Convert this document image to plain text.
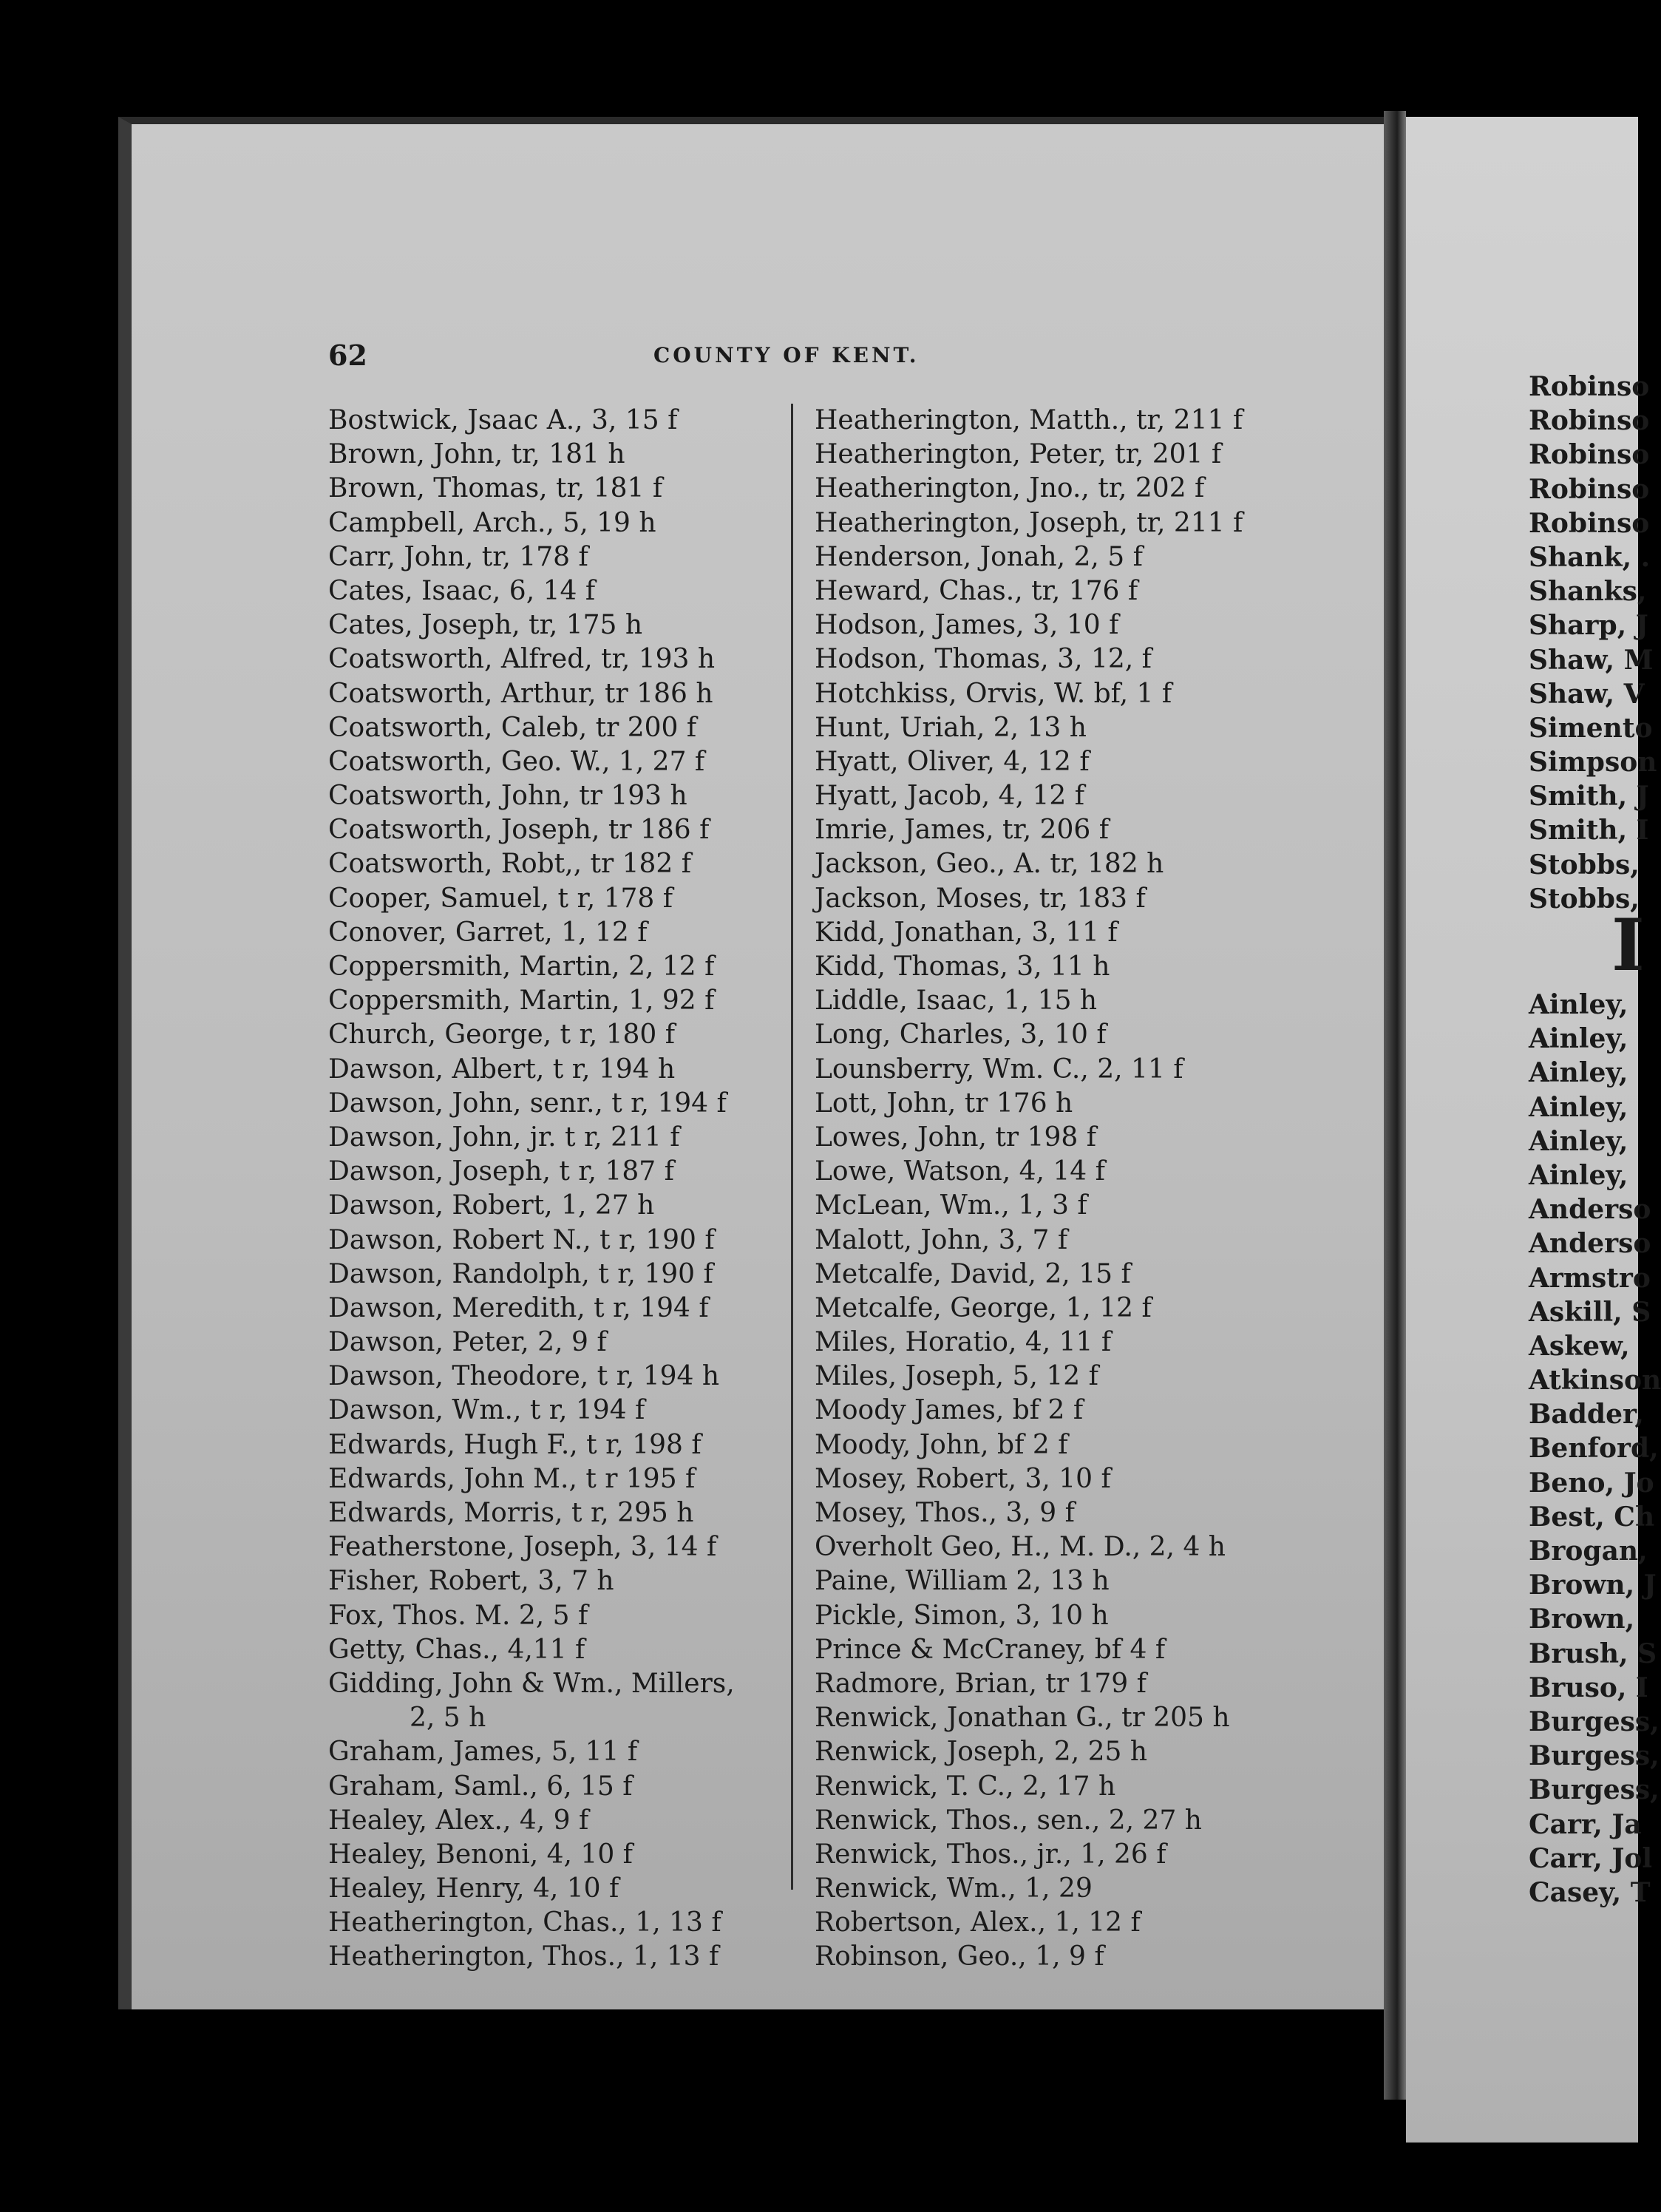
62	COUNTY OF KENT.
Bostwick, Jsaac A., 3, 15 f
Brown, John, tr, 181 h
Brown, Thomas, tr, 181 f
Campbell, Arch., 5, 19 h
Carr, John, tr, 178 f
Cates, Isaac, 6, 14 f
Cates, Joseph, tr, 175 h
Coatsworth, Alfred, tr, 193 h
Coatsworth, Arthur, tr 186 h
Coatsworth, Caleb, tr 200 f
Coatsworth, Geo. W., 1, 27 f
Coatsworth, John, tr 193 h
Coatsworth, Joseph, tr 186 f
Coatsworth, Robt,, tr 182 f
Cooper, Samuel, t r, 178 f
Conover, Garret, 1, 12 f
Coppersmith, Martin, 2, 12 f
Coppersmith, Martin, 1, 92 f
Church, George, t r, 180 f
Dawson, Albert, t r, 194 h
Dawson, John, senr., t r, 194 f
Dawson, John, jr. t r, 211 f
Dawson, Joseph, t r, 187 f
Dawson, Robert, 1, 27 h
Dawson, Robert N., t r, 190 f
Dawson, Randolph, t r, 190 f
Dawson, Meredith, t r, 194 f
Dawson, Peter, 2, 9 f
Dawson, Theodore, t r, 194 h
Dawson, Wm., t r, 194 f
Edwards, Hugh F., t r, 198 f
Edwards, John M., t r 195 f
Edwards, Morris, t r, 295 h
Featherstone, Joseph, 3, 14 f
Fisher, Robert, 3, 7 h
Fox, Thos. M. 2, 5 f
Getty, Chas., 4,11 f
Gidding, John & Wm., Millers,
2, 5 h
Graham, James, 5, 11 f
Graham, Saml., 6, 15 f
Healey, Alex., 4, 9 f
Healey, Benoni, 4, 10 f
Healey, Henry, 4, 10 f
Heatherington, Chas., 1, 13 f
Heatherington, Thos., 1, 13 f
Heatherington, Matth., tr, 211 f
Heatherington, Peter, tr, 201 f
Heatherington, Jno., tr, 202 f
Heatherington, Joseph, tr, 211 f
Henderson, Jonah, 2, 5 f
Heward, Chas., tr, 176 f
Hodson, James, 3, 10 f
Hodson, Thomas, 3, 12, f
Hotchkiss, Orvis, W. bf, 1 f
Hunt, Uriah, 2, 13 h
Hyatt, Oliver, 4, 12 f
Hyatt, Jacob, 4, 12 f
Imrie, James, tr, 206 f
Jackson, Geo., A. tr, 182 h
Jackson, Moses, tr, 183 f
Kidd, Jonathan, 3, 11 f
Kidd, Thomas, 3, 11 h
Liddle, Isaac, 1, 15 h
Long, Charles, 3, 10 f
Lounsberry, Wm. C., 2, 11 f
Lott, John, tr 176 h
Lowes, John, tr 198 f
Lowe, Watson, 4, 14 f
McLean, Wm., 1, 3 f
Malott, John, 3, 7 f
Metcalfe, David, 2, 15 f
Metcalfe, George, 1, 12 f
Miles, Horatio, 4, 11 f
Miles, Joseph, 5, 12 f
Moody James, bf 2 f
Moody, John, bf 2 f
Mosey, Robert, 3, 10 f
Mosey, Thos., 3, 9 f
Overholt Geo, H., M. D., 2, 4 h
Paine, William 2, 13 h
Pickle, Simon, 3, 10 h
Prince & McCraney, bf 4 f
Radmore, Brian, tr 179 f
Renwick, Jonathan G., tr 205 h
Renwick, Joseph, 2, 25 h
Renwick, T. C., 2, 17 h
Renwick, Thos., sen., 2, 27 h
Renwick, Thos., jr., 1, 26 f
Renwick, Wm., 1, 29
Robertson, Alex., 1, 12 f
Robinson, Geo., 1, 9 f
Robinso
Robinso
Robinso
Robinso
Robinso
Shank, .
Shanks,
Sharp, J
Shaw, M
Shaw, V
Simento
Simpson
Smith, J
Smith, I
Stobbs,
Stobbs,
I
Ainley,
Ainley,
Ainley,
Ainley,
Ainley,
Ainley,
Anderso
Anderso
Armstro
Askill, S
Askew,
Atkinson
Badder,
Benford,
Beno, Jo
Best, Ch
Brogan,
Brown, J
Brown,
Brush, S
Bruso, I
Burgess,
Burgess,
Burgess,
Carr, Ja
Carr, Jol
Casey, T
